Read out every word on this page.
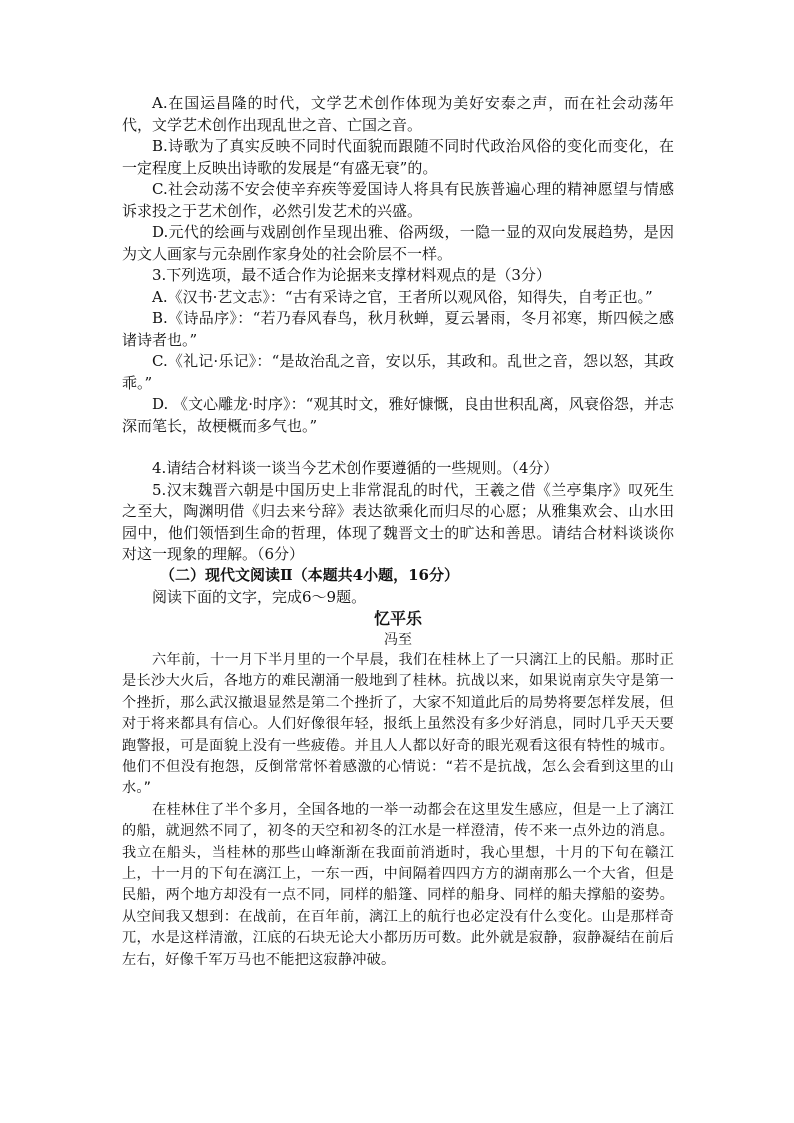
A.在国运昌隆的时代，文学艺术创作体现为美好安泰之声，而在社会动荡年代，文学艺术创作出现乱世之音、亡国之音。

B.诗歌为了真实反映不同时代面貌而跟随不同时代政治风俗的变化而变化，在一定程度上反映出诗歌的发展是“有盛无衰”的。

C.社会动荡不安会使辛弃疾等爱国诗人将具有民族普遍心理的精神愿望与情感诉求投之于艺术创作，必然引发艺术的兴盛。

D.元代的绘画与戏剧创作呈现出雅、俗两级，一隐一显的双向发展趋势，是因为文人画家与元杂剧作家身处的社会阶层不一样。

3.下列选项，最不适合作为论据来支撑材料观点的是（3分）

A.《汉书·艺文志》：“古有采诗之官，王者所以观风俗，知得失，自考正也。”

B.《诗品序》：“若乃春风春鸟，秋月秋蝉，夏云暑雨，冬月祁寒，斯四候之感诸诗者也。”

C.《礼记·乐记》：“是故治乱之音，安以乐，其政和。乱世之音，怨以怒，其政乖。”

D. 《文心雕龙·时序》：“观其时文，雅好慷慨，良由世积乱离，风衰俗怨，并志深而笔长，故梗概而多气也。”

4.请结合材料谈一谈当今艺术创作要遵循的一些规则。（4分）

5.汉末魏晋六朝是中国历史上非常混乱的时代，王羲之借《兰亭集序》叹死生之至大，陶渊明借《归去来兮辞》表达欲乘化而归尽的心愿；从雅集欢会、山水田园中，他们领悟到生命的哲理，体现了魏晋文士的旷达和善思。请结合材料谈谈你对这一现象的理解。（6分）

（二）现代文阅读Ⅱ（本题共4小题，16分）

阅读下面的文字，完成6～9题。

忆平乐

冯至

六年前，十一月下半月里的一个早晨，我们在桂林上了一只漓江上的民船。那时正是长沙大火后，各地方的难民潮涌一般地到了桂林。抗战以来，如果说南京失守是第一个挫折，那么武汉撤退显然是第二个挫折了，大家不知道此后的局势将要怎样发展，但对于将来都具有信心。人们好像很年轻，报纸上虽然没有多少好消息，同时几乎天天要跑警报，可是面貌上没有一些疲倦。并且人人都以好奇的眼光观看这很有特性的城市。他们不但没有抱怨，反倒常常怀着感激的心情说：“若不是抗战，怎么会看到这里的山水。”

在桂林住了半个多月，全国各地的一举一动都会在这里发生感应，但是一上了漓江的船，就迥然不同了，初冬的天空和初冬的江水是一样澄清，传不来一点外边的消息。我立在船头，当桂林的那些山峰渐渐在我面前消逝时，我心里想，十月的下旬在赣江上，十一月的下旬在漓江上，一东一西，中间隔着四四方方的湖南那么一个大省，但是民船，两个地方却没有一点不同，同样的船篷、同样的船身、同样的船夫撑船的姿势。从空间我又想到：在战前，在百年前，漓江上的航行也必定没有什么变化。山是那样奇兀，水是这样清澈，江底的石块无论大小都历历可数。此外就是寂静，寂静凝结在前后左右，好像千军万马也不能把这寂静冲破。
